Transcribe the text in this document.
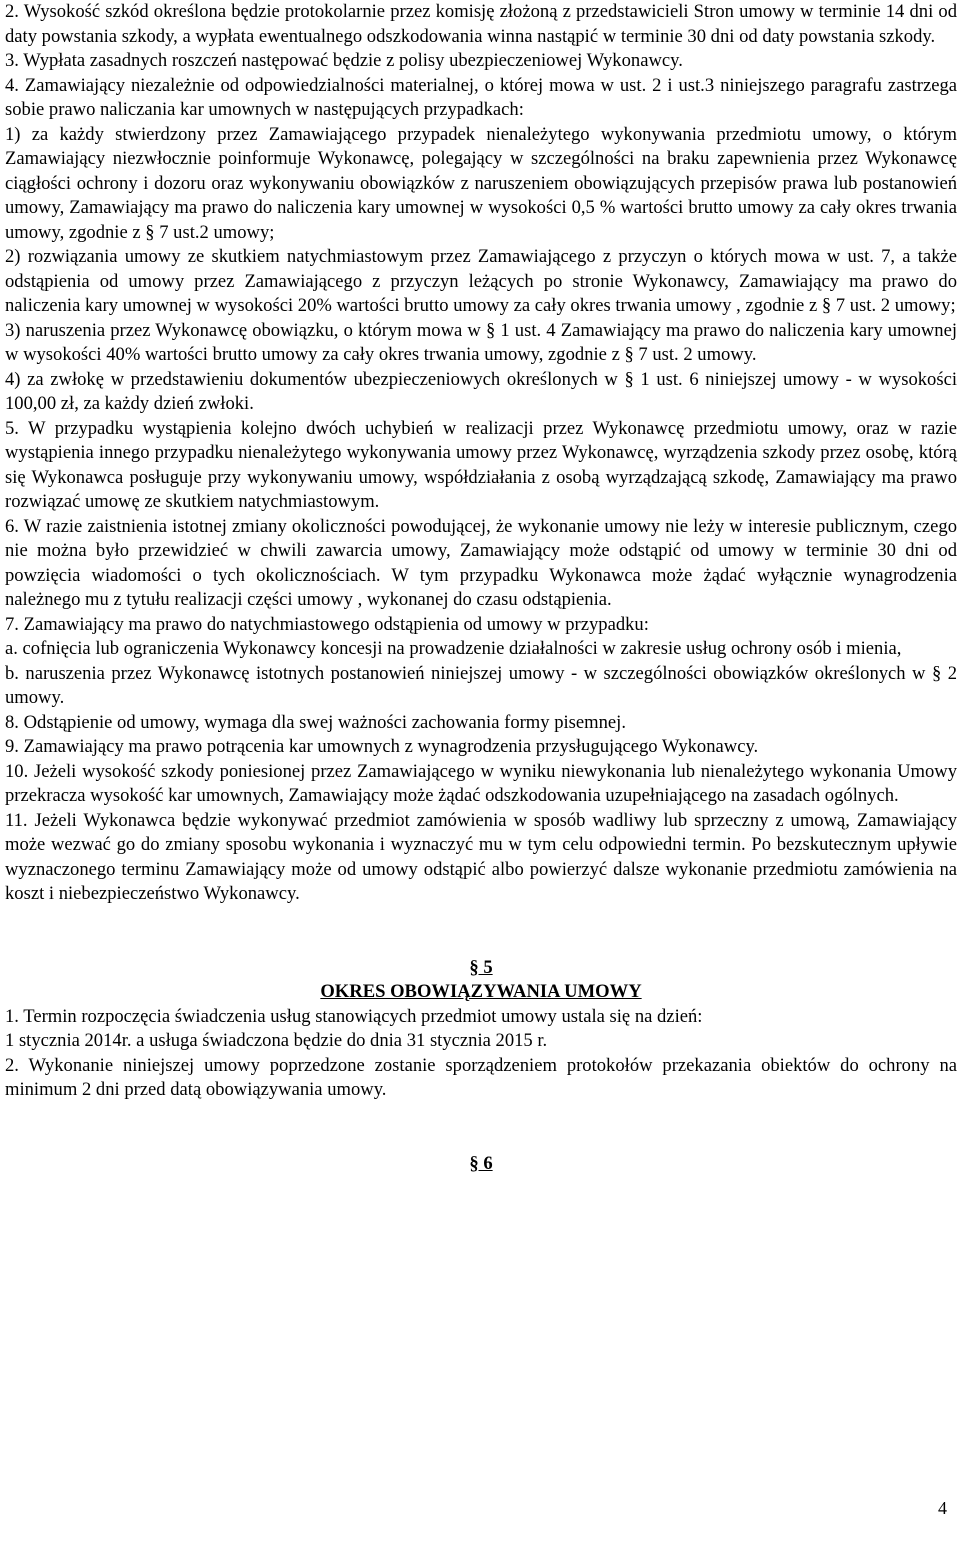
2. Wysokość szkód określona będzie protokolarnie przez komisję złożoną z przedstawicieli Stron umowy w terminie 14 dni od daty powstania szkody, a wypłata ewentualnego odszkodowania winna nastąpić w terminie 30 dni od daty powstania szkody.

3. Wypłata zasadnych roszczeń następować będzie z polisy ubezpieczeniowej Wykonawcy.

4. Zamawiający niezależnie od odpowiedzialności materialnej, o której mowa w ust. 2 i ust.3 niniejszego paragrafu zastrzega sobie prawo naliczania kar umownych w następujących przypadkach:

1) za każdy stwierdzony przez Zamawiającego przypadek nienależytego wykonywania przedmiotu umowy, o którym Zamawiający niezwłocznie poinformuje Wykonawcę, polegający w szczególności na braku zapewnienia przez Wykonawcę ciągłości ochrony i dozoru oraz wykonywaniu obowiązków z naruszeniem obowiązujących przepisów prawa lub postanowień umowy, Zamawiający ma prawo do naliczenia kary umownej w wysokości 0,5 % wartości brutto umowy za cały okres trwania umowy, zgodnie z § 7 ust.2 umowy;

2) rozwiązania umowy ze skutkiem natychmiastowym przez Zamawiającego z przyczyn o których mowa w ust. 7, a także odstąpienia od umowy przez Zamawiającego z przyczyn leżących po stronie Wykonawcy, Zamawiający ma prawo do naliczenia kary umownej w wysokości 20% wartości brutto umowy za cały okres trwania umowy , zgodnie z § 7 ust. 2 umowy;

3) naruszenia przez Wykonawcę obowiązku, o którym mowa w § 1 ust. 4 Zamawiający ma prawo do naliczenia kary umownej w wysokości 40% wartości brutto umowy za cały okres trwania umowy, zgodnie z § 7 ust. 2 umowy.

4) za zwłokę w przedstawieniu dokumentów ubezpieczeniowych określonych w § 1 ust. 6 niniejszej umowy - w wysokości 100,00 zł, za każdy dzień zwłoki.

5. W przypadku wystąpienia kolejno dwóch uchybień w realizacji przez Wykonawcę przedmiotu umowy, oraz w razie wystąpienia innego przypadku nienależytego wykonywania umowy przez Wykonawcę, wyrządzenia szkody przez osobę, którą się Wykonawca posługuje przy wykonywaniu umowy, współdziałania z osobą wyrządzającą szkodę, Zamawiający ma prawo rozwiązać umowę ze skutkiem natychmiastowym.

6. W razie zaistnienia istotnej zmiany okoliczności powodującej, że wykonanie umowy nie leży w interesie publicznym, czego nie można było przewidzieć w chwili zawarcia umowy, Zamawiający może odstąpić od umowy w terminie 30 dni od powzięcia wiadomości o tych okolicznościach. W tym przypadku Wykonawca może żądać wyłącznie wynagrodzenia należnego mu z tytułu realizacji części umowy , wykonanej do czasu odstąpienia.

7. Zamawiający ma prawo do natychmiastowego odstąpienia od umowy w przypadku:

a. cofnięcia lub ograniczenia Wykonawcy koncesji na prowadzenie działalności w zakresie usług ochrony osób i mienia,

b. naruszenia przez Wykonawcę istotnych postanowień niniejszej umowy - w szczególności obowiązków określonych w § 2 umowy.

8. Odstąpienie od umowy, wymaga dla swej ważności zachowania formy pisemnej.

9. Zamawiający ma prawo potrącenia kar umownych z wynagrodzenia przysługującego Wykonawcy.

10. Jeżeli wysokość szkody poniesionej przez Zamawiającego w wyniku niewykonania lub nienależytego wykonania Umowy przekracza wysokość kar umownych, Zamawiający może żądać odszkodowania uzupełniającego na zasadach ogólnych.

11. Jeżeli Wykonawca będzie wykonywać przedmiot zamówienia w sposób wadliwy lub sprzeczny z umową, Zamawiający może wezwać go do zmiany sposobu wykonania i wyznaczyć mu w tym celu odpowiedni termin. Po bezskutecznym upływie wyznaczonego terminu Zamawiający może od umowy odstąpić albo powierzyć dalsze wykonanie przedmiotu zamówienia na koszt i niebezpieczeństwo Wykonawcy.

§ 5

OKRES OBOWIĄZYWANIA UMOWY

1. Termin rozpoczęcia świadczenia usług stanowiących przedmiot umowy ustala się na dzień:

1 stycznia 2014r. a usługa świadczona będzie do dnia 31 stycznia 2015 r.

2. Wykonanie niniejszej umowy poprzedzone zostanie sporządzeniem protokołów przekazania obiektów do ochrony na minimum 2 dni przed datą obowiązywania umowy.

§ 6

4
